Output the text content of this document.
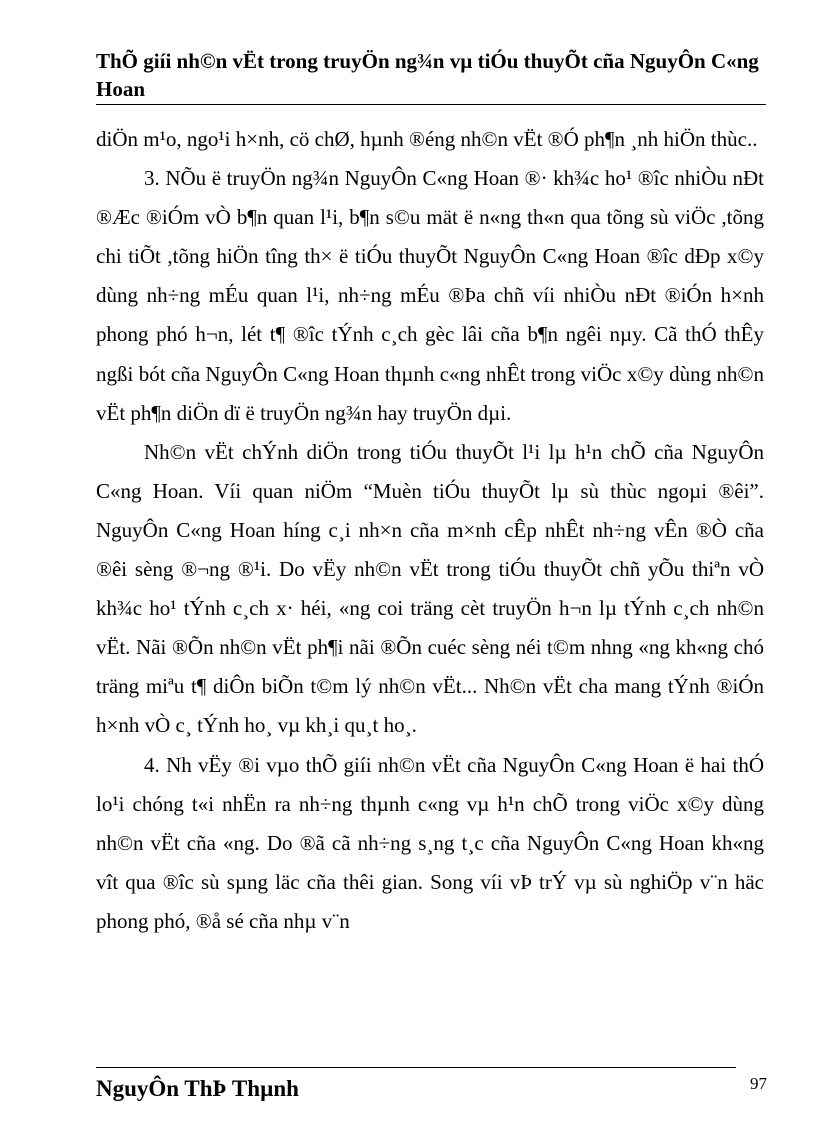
ThÕ giíi nh©n vËt trong truyÖn ng¾n vµ tiÓu thuyÕt cña NguyÔn C«ng Hoan

diÖn m¹o, ngo¹i h×nh, cö chØ, hµnh ®éng nh©n vËt ®Ó ph¶n ¸nh hiÖn thùc..

3. NÕu ë truyÖn ng¾n NguyÔn C«ng Hoan ®· kh¾c ho¹ ®îc nhiÒu nÐt ®Æc ®iÓm vÒ b¶n quan l¹i, b¶n s©u mät ë n«ng th«n qua tõng sù viÖc ,tõng chi tiÕt ,tõng hiÖn tîng th× ë tiÓu thuyÕt NguyÔn C«ng Hoan ®îc dÐp x©y dùng nh÷ng mÉu quan l¹i, nh÷ng mÉu ®Þa chñ víi nhiÒu nÐt ®iÓn h×nh phong phó h¬n, lét t¶ ®îc tÝnh c¸ch gèc lâi cña b¶n ngêi nµy. Cã thÓ thÊy ngßi bót cña NguyÔn C«ng Hoan thµnh c«ng nhÊt trong viÖc x©y dùng nh©n vËt ph¶n diÖn dï ë truyÖn ng¾n hay truyÖn dµi.

Nh©n vËt chÝnh diÖn trong tiÓu thuyÕt l¹i lµ h¹n chÕ cña NguyÔn C«ng Hoan. Víi quan niÖm “Muèn tiÓu thuyÕt lµ sù thùc ngoµi ®êi”. NguyÔn C«ng Hoan híng c¸i nh×n cña m×nh cÊp nhÊt nh÷ng vÊn ®Ò cña ®êi sèng ®¬ng ®¹i. Do vËy nh©n vËt trong tiÓu thuyÕt chñ yÕu thiªn vÒ kh¾c ho¹ tÝnh c¸ch x· héi, «ng coi träng cèt truyÖn h¬n lµ tÝnh c¸ch nh©n vËt. Nãi ®Õn nh©n vËt ph¶i nãi ®Õn cuéc sèng néi t©m nhng «ng kh«ng chó träng miªu t¶ diÔn biÕn t©m lý nh©n vËt... Nh©n vËt cha mang tÝnh ®iÓn h×nh vÒ c¸ tÝnh ho¸ vµ kh¸i qu¸t ho¸.

4. Nh vËy ®i vµo thÕ giíi nh©n vËt cña NguyÔn C«ng Hoan ë hai thÓ lo¹i chóng t«i nhËn ra nh÷ng thµnh c«ng vµ h¹n chÕ trong viÖc x©y dùng nh©n vËt cña «ng. Do ®ã cã nh÷ng s¸ng t¸c cña NguyÔn C«ng Hoan kh«ng vît qua ®îc sù sµng läc cña thêi gian. Song víi vÞ trÝ vµ sù nghiÖp v¨n häc phong phó, ®å sé cña nhµ v¨n

NguyÔn ThÞ Thµnh	97
